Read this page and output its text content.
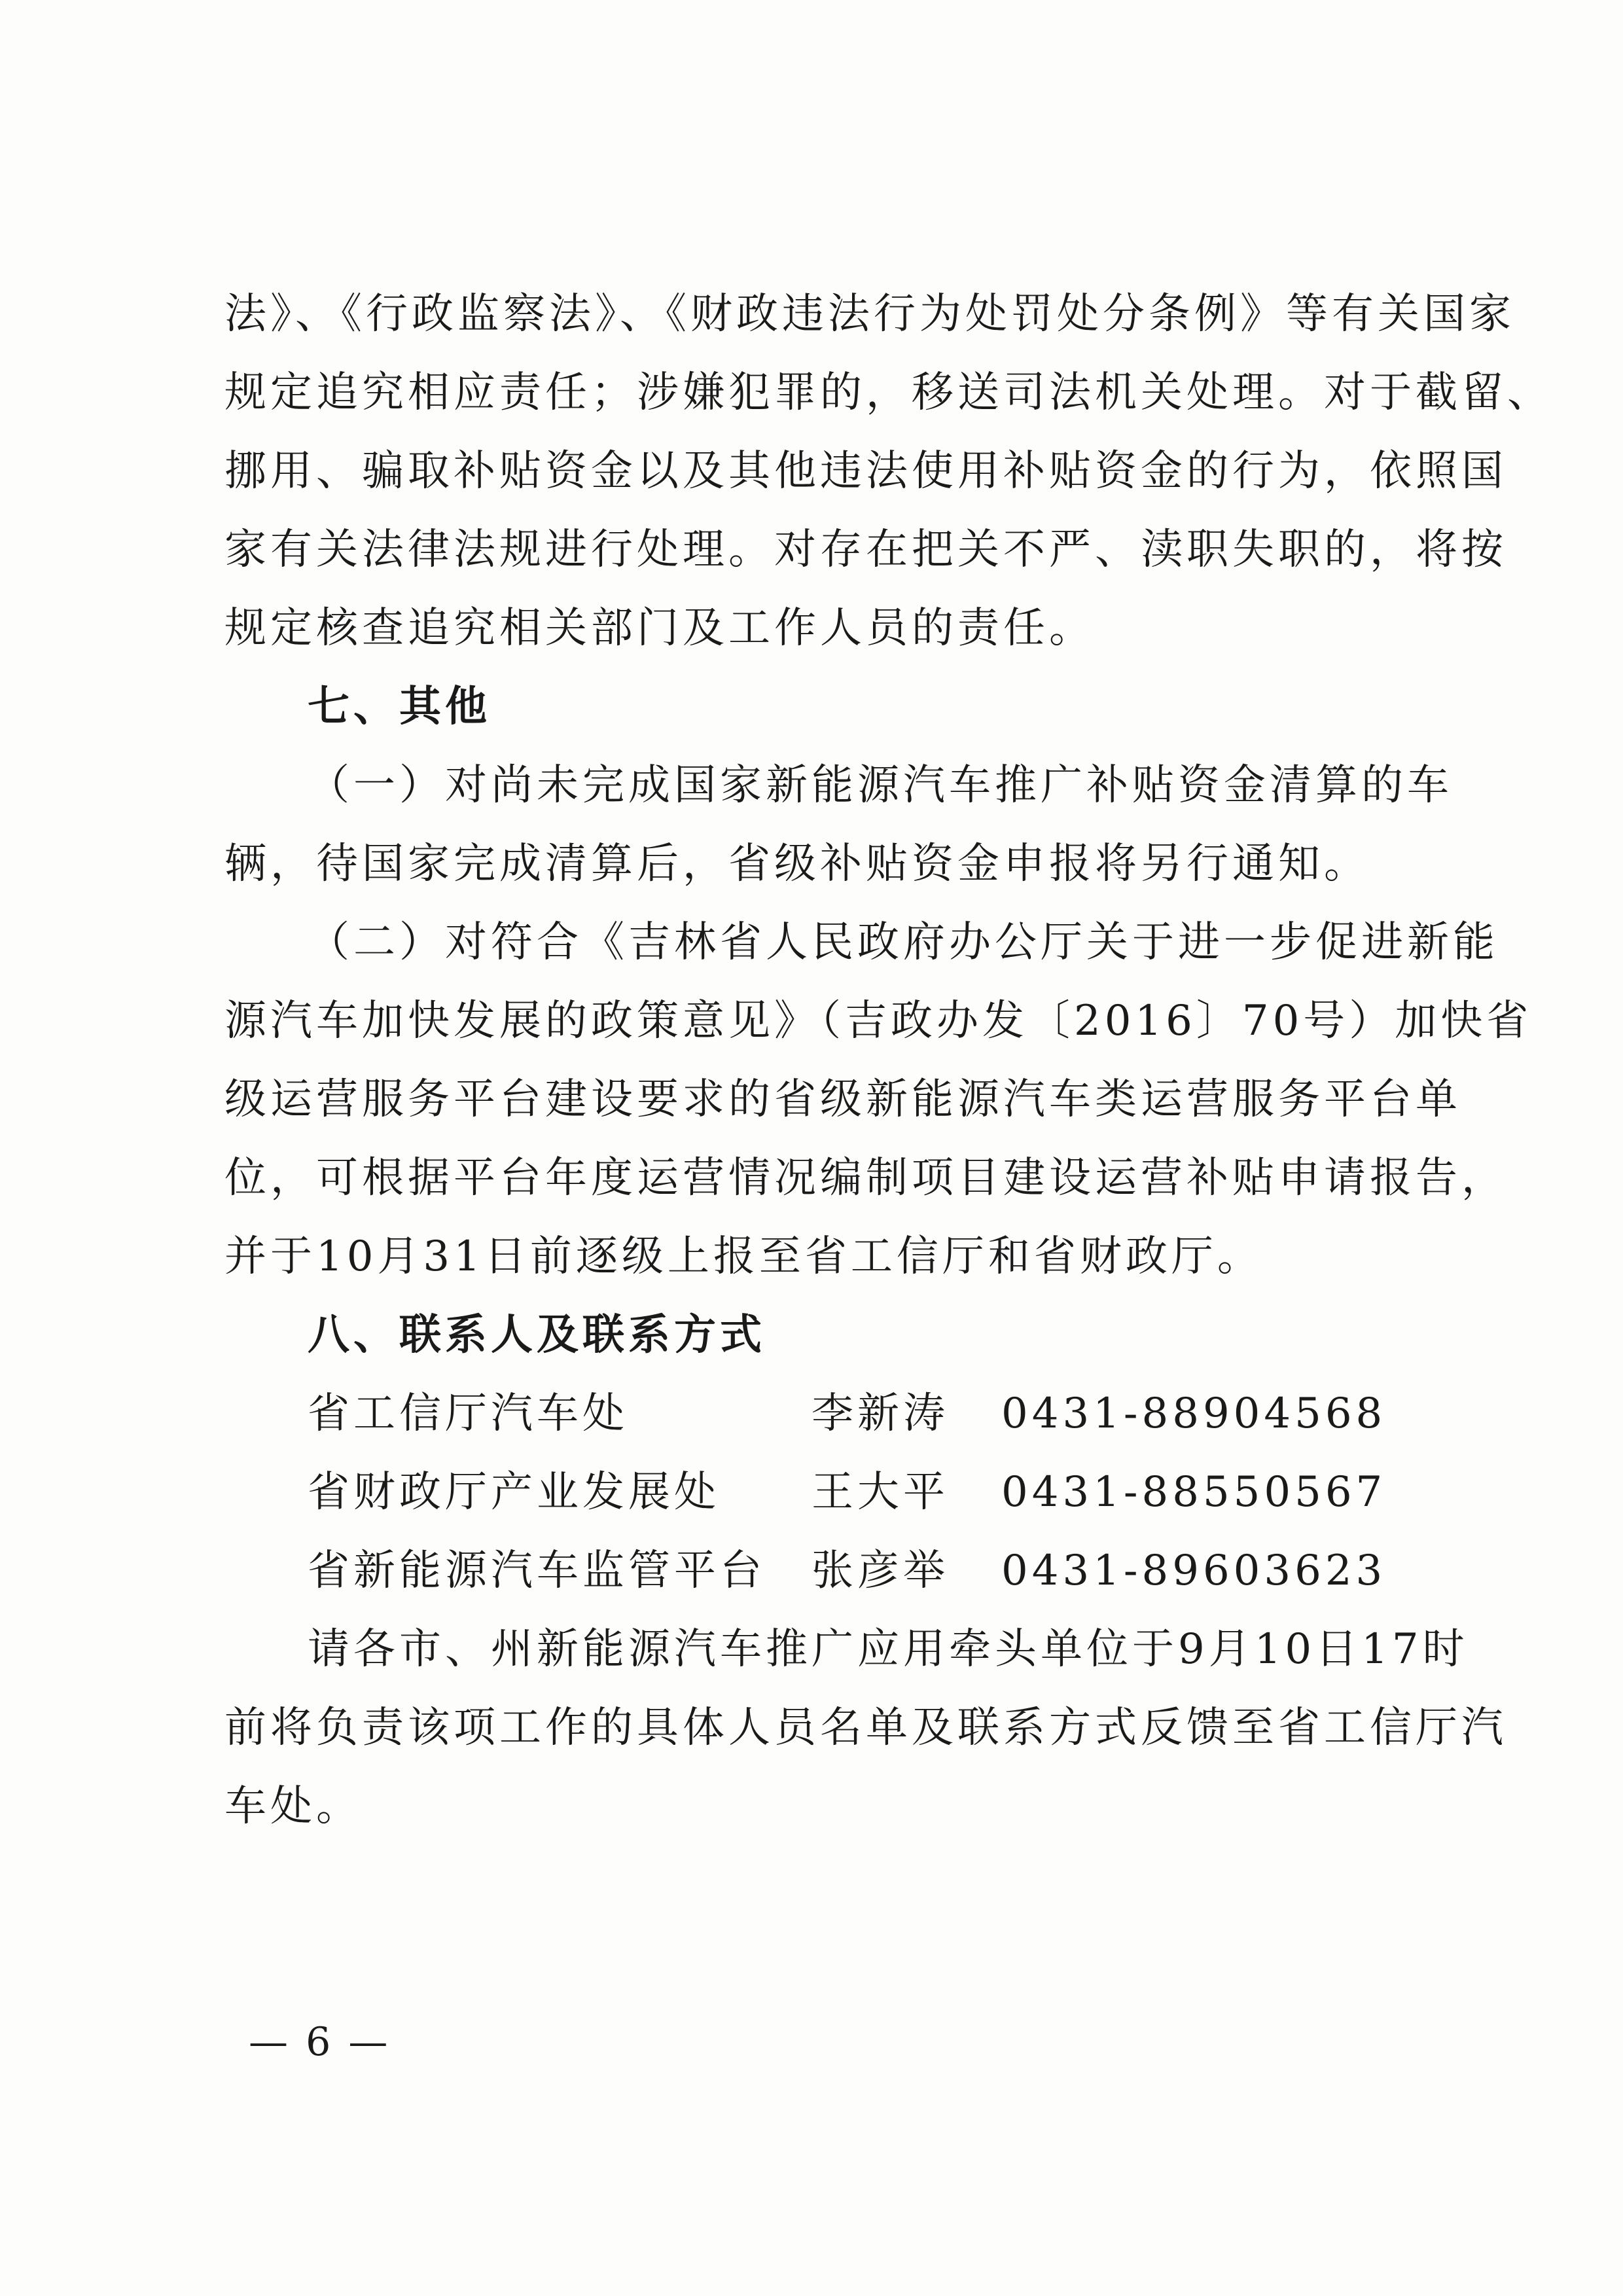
法》、《行政监察法》、《财政违法行为处罚处分条例》等有关国家
规定追究相应责任；涉嫌犯罪的，移送司法机关处理。对于截留、
挪用、骗取补贴资金以及其他违法使用补贴资金的行为，依照国
家有关法律法规进行处理。对存在把关不严、渎职失职的，将按
规定核查追究相关部门及工作人员的责任。
七、其他
（一）对尚未完成国家新能源汽车推广补贴资金清算的车
辆，待国家完成清算后，省级补贴资金申报将另行通知。
（二）对符合《吉林省人民政府办公厅关于进一步促进新能
源汽车加快发展的政策意见》（吉政办发〔2016〕70号）加快省
级运营服务平台建设要求的省级新能源汽车类运营服务平台单
位，可根据平台年度运营情况编制项目建设运营补贴申请报告，
并于10月31日前逐级上报至省工信厅和省财政厅。
八、联系人及联系方式
省工信厅汽车处	李新涛 0431-88904568
省财政厅产业发展处 王大平 0431-88550567
省新能源汽车监管平台 张彦举 0431-89603623
请各市、州新能源汽车推广应用牵头单位于9月10日17时
前将负责该项工作的具体人员名单及联系方式反馈至省工信厅汽
车处。
— 6 —
